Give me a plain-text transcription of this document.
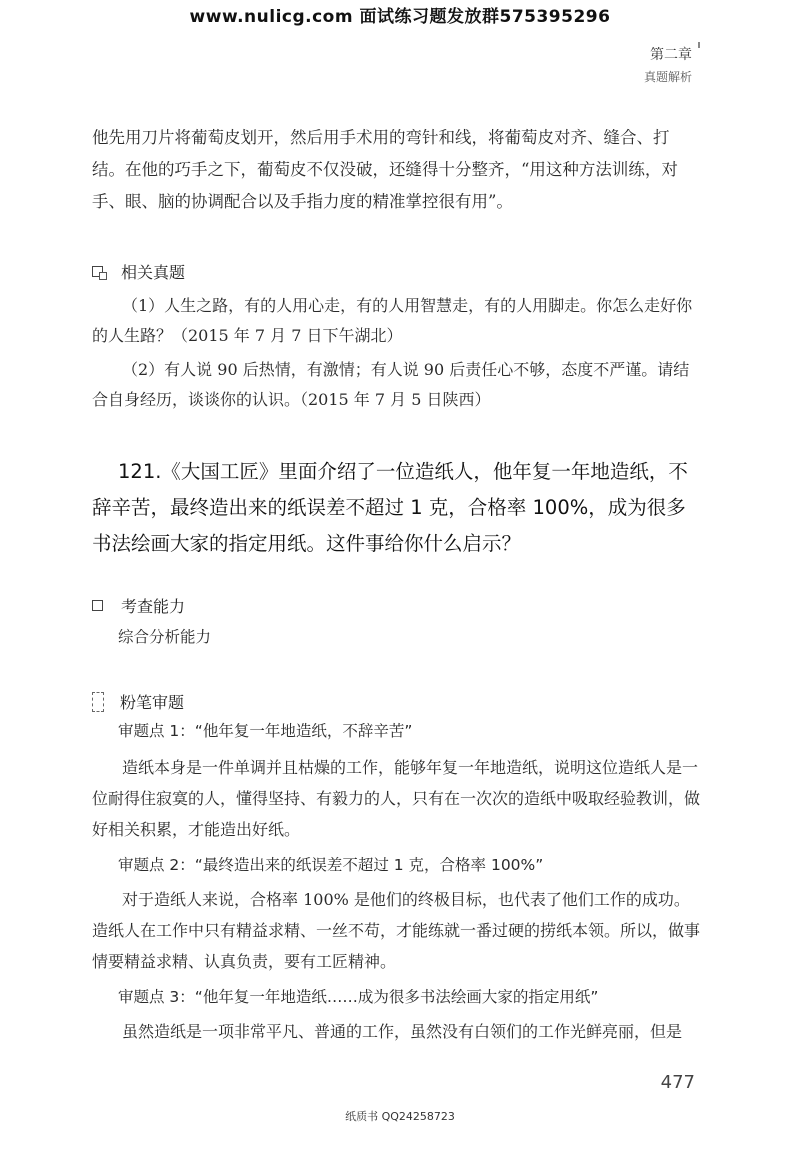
www.nulicg.com 面试练习题发放群575395296
第二章
真题解析
他先用刀片将葡萄皮划开，然后用手术用的弯针和线，将葡萄皮对齐、缝合、打结。在他的巧手之下，葡萄皮不仅没破，还缝得十分整齐，“用这种方法训练，对手、眼、脑的协调配合以及手指力度的精准掌控很有用”。
相关真题
（1）人生之路，有的人用心走，有的人用智慧走，有的人用脚走。你怎么走好你的人生路？（2015 年 7 月 7 日下午湖北）
（2）有人说 90 后热情，有激情；有人说 90 后责任心不够，态度不严谨。请结合自身经历，谈谈你的认识。（2015 年 7 月 5 日陕西）
121.《大国工匠》里面介绍了一位造纸人，他年复一年地造纸，不辞辛苦，最终造出来的纸误差不超过 1 克，合格率 100%，成为很多书法绘画大家的指定用纸。这件事给你什么启示？
考查能力
综合分析能力
粉笔审题
审题点 1：“他年复一年地造纸，不辞辛苦”
造纸本身是一件单调并且枯燥的工作，能够年复一年地造纸，说明这位造纸人是一位耐得住寂寞的人，懂得坚持、有毅力的人，只有在一次次的造纸中吸取经验教训，做好相关积累，才能造出好纸。
审题点 2：“最终造出来的纸误差不超过 1 克，合格率 100%”
对于造纸人来说，合格率 100% 是他们的终极目标，也代表了他们工作的成功。造纸人在工作中只有精益求精、一丝不苟，才能练就一番过硬的捞纸本领。所以，做事情要精益求精、认真负责，要有工匠精神。
审题点 3：“他年复一年地造纸……成为很多书法绘画大家的指定用纸”
虽然造纸是一项非常平凡、普通的工作，虽然没有白领们的工作光鲜亮丽，但是
477
纸质书 QQ24258723
